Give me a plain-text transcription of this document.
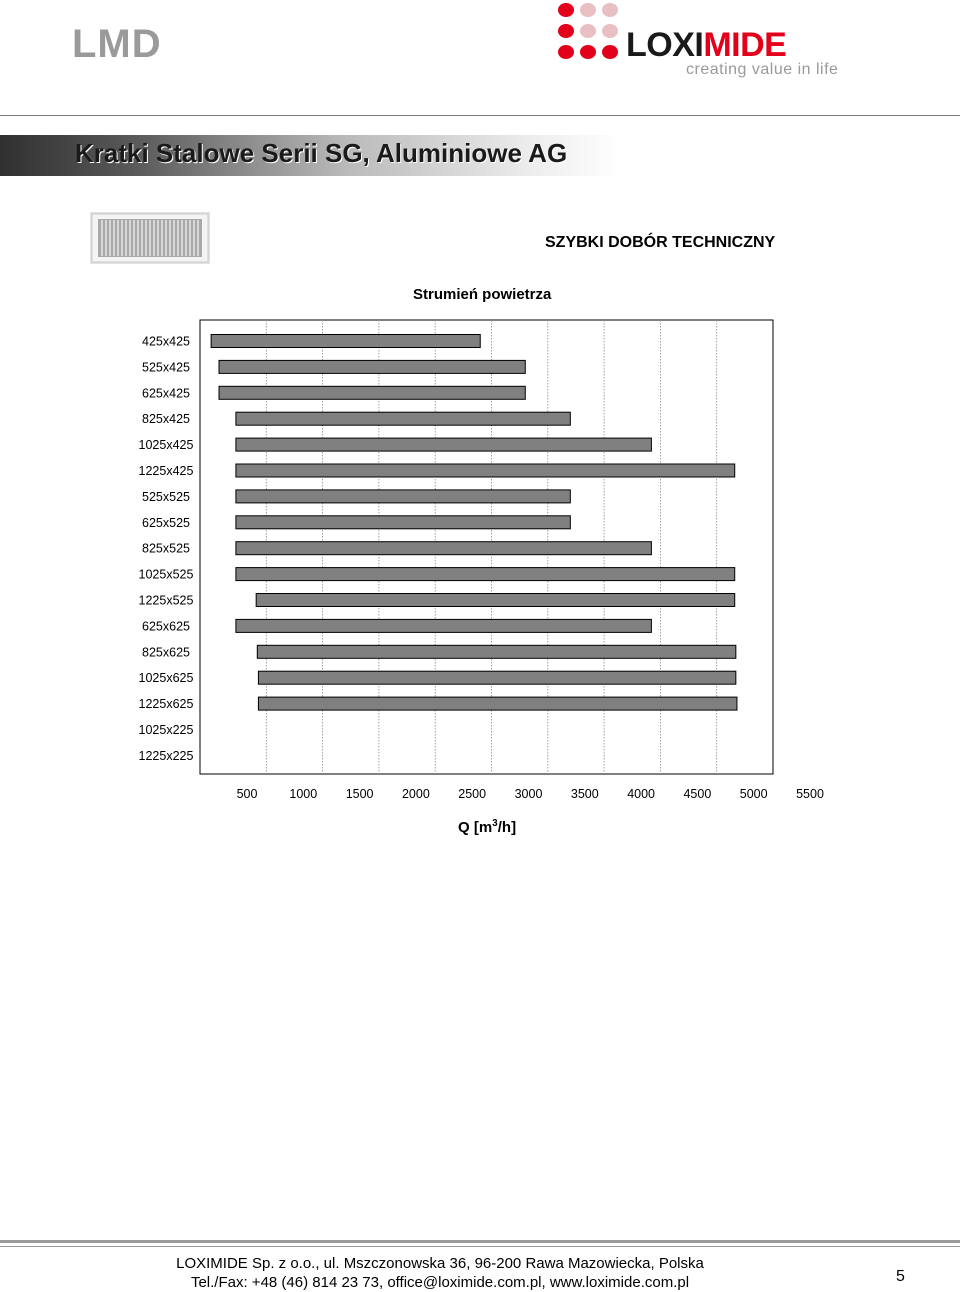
LMD	LOXIMIDE
creating value in life
Kratki Stalowe Serii SG, Aluminiowe AG
SZYBKI DOBÓR TECHNICZNY
Strumień powietrza
500	1000 1500 2000 2500 3000 3500 4000 4500 5000 5500
425x425
525x425
625x425
825x425
1025x425
1225x425
525x525
625x525
825x525
1025x525
1225x525
625x625
825x625
1025x625
1225x625
1025x225
1225x225
Q $[m^3/h]$
LOXIMIDE Sp. z o.o., ul. Mszczonowska 36, 96-200 Rawa Mazowiecka, Polska
Tel./Fax: +48 (46) 814 23 73, office@loximide.com.pl, www.loximide.com.pl	5
